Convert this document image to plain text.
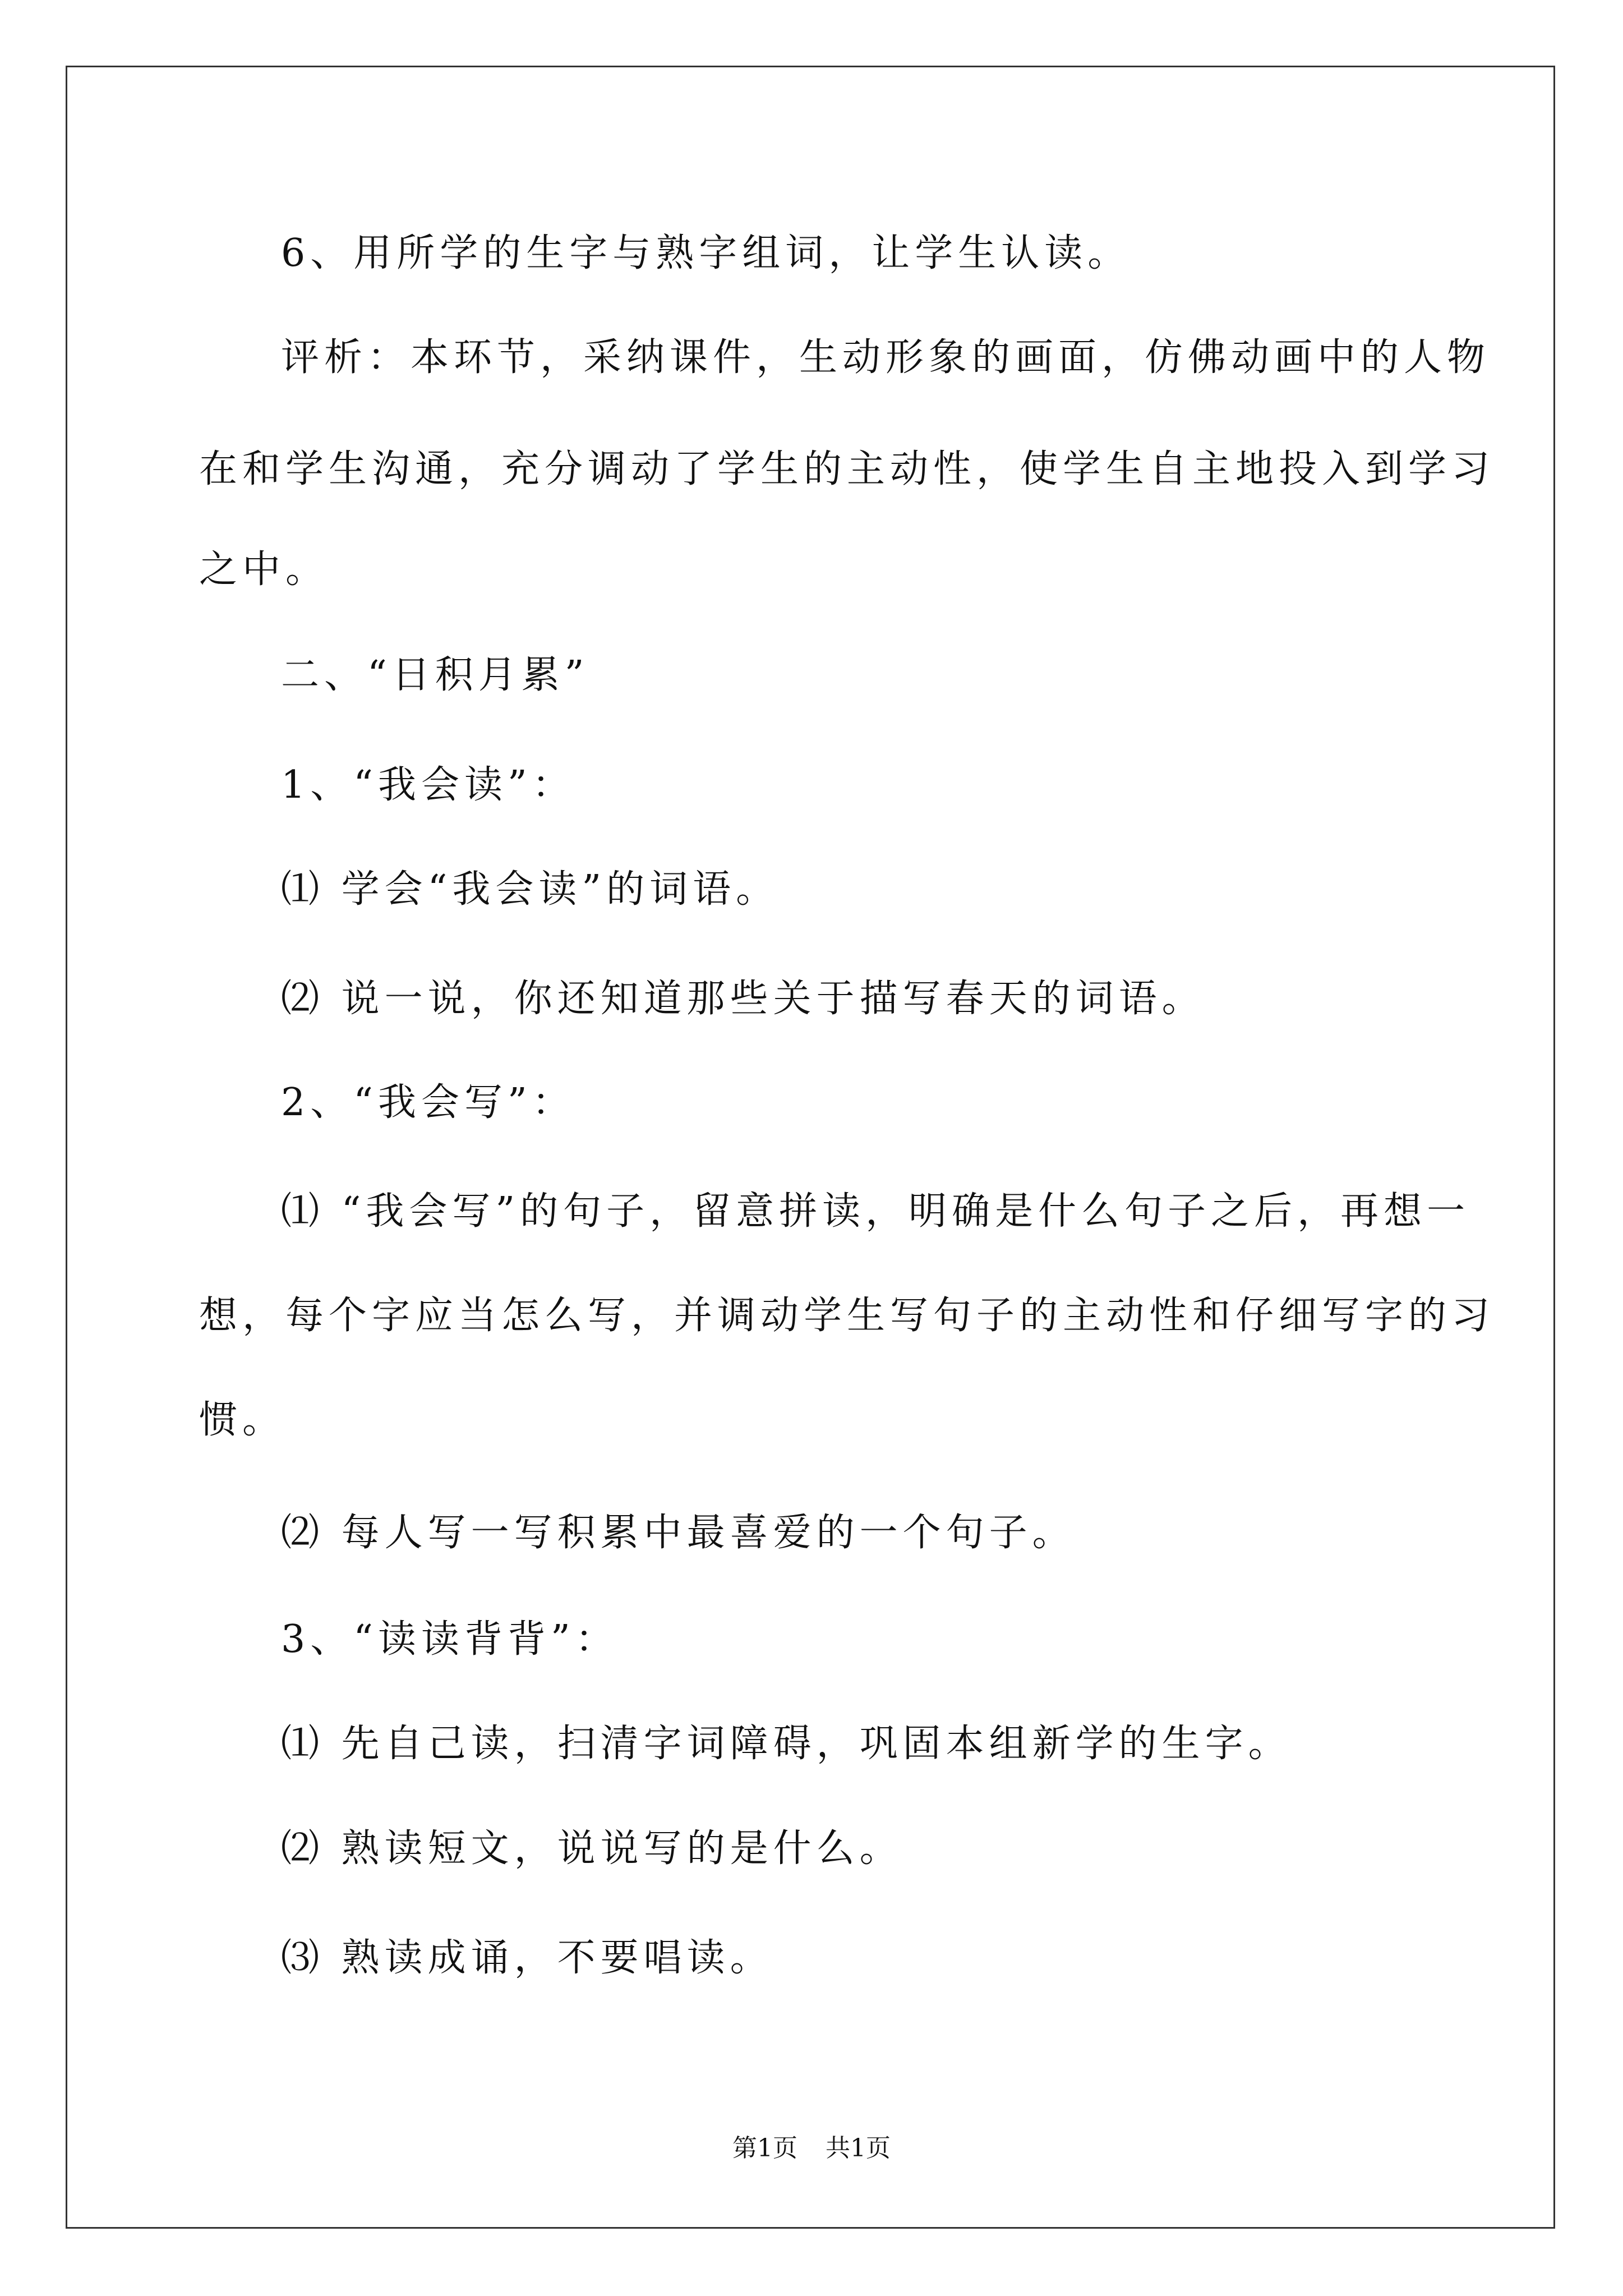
6、用所学的生字与熟字组词，让学生认读。
评析：本环节，采纳课件，生动形象的画面，仿佛动画中的人物
在和学生沟通，充分调动了学生的主动性，使学生自主地投入到学习
之中。
二、“日积月累”
1、“我会读”：
⑴ 学会“我会读”的词语。
⑵ 说一说，你还知道那些关于描写春天的词语。
2、“我会写”：
⑴ “我会写”的句子，留意拼读，明确是什么句子之后，再想一
想，每个字应当怎么写，并调动学生写句子的主动性和仔细写字的习
惯。
⑵ 每人写一写积累中最喜爱的一个句子。
3、“读读背背”：
⑴ 先自己读，扫清字词障碍，巩固本组新学的生字。
⑵ 熟读短文，说说写的是什么。
⑶ 熟读成诵，不要唱读。
第1页 共1页
